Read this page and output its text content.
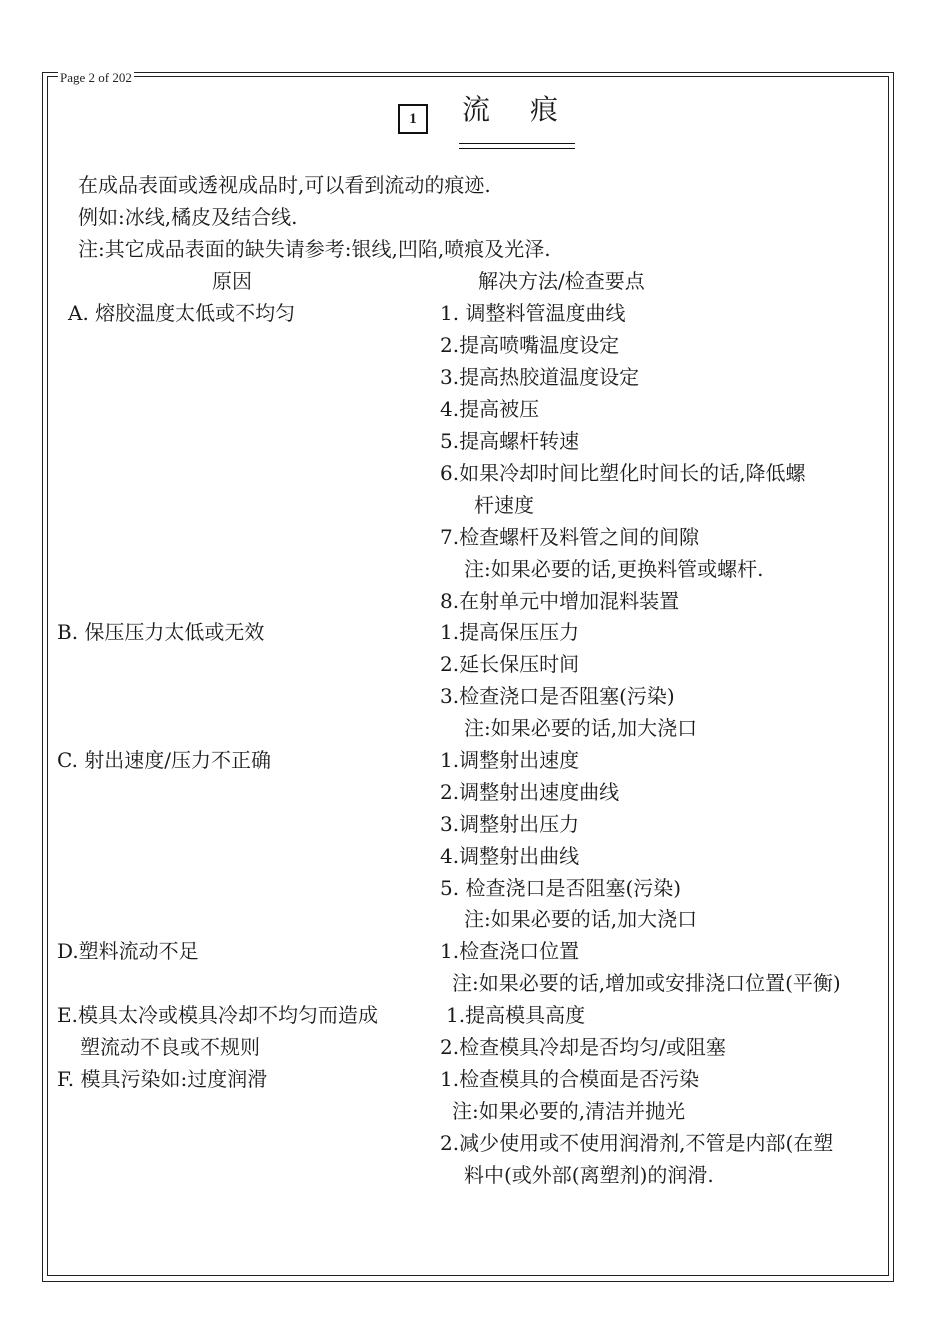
Page 2 of 202
1	流 痕
在成品表面或透视成品时,可以看到流动的痕迹.
例如:冰线,橘皮及结合线.
注:其它成品表面的缺失请参考:银线,凹陷,喷痕及光泽.
原因	解决方法/检查要点
A. 熔胶温度太低或不均匀
B. 保压压力太低或无效
C. 射出速度/压力不正确
D.塑料流动不足
E.模具太冷或模具冷却不均匀而造成
塑流动不良或不规则
F. 模具污染如:过度润滑
1. 调整料管温度曲线
2.提高喷嘴温度设定
3.提高热胶道温度设定
4.提高被压
5.提高螺杆转速
6.如果冷却时间比塑化时间长的话,降低螺
杆速度
7.检查螺杆及料管之间的间隙
注:如果必要的话,更换料管或螺杆.
8.在射单元中增加混料装置
1.提高保压压力
2.延长保压时间
3.检查浇口是否阻塞(污染)
注:如果必要的话,加大浇口
1.调整射出速度
2.调整射出速度曲线
3.调整射出压力
4.调整射出曲线
5. 检查浇口是否阻塞(污染)
注:如果必要的话,加大浇口
1.检查浇口位置
注:如果必要的话,增加或安排浇口位置(平衡)
1.提高模具高度
2.检查模具冷却是否均匀/或阻塞
1.检查模具的合模面是否污染
注:如果必要的,清洁并抛光
2.减少使用或不使用润滑剂,不管是内部(在塑
料中(或外部(离塑剂)的润滑.
